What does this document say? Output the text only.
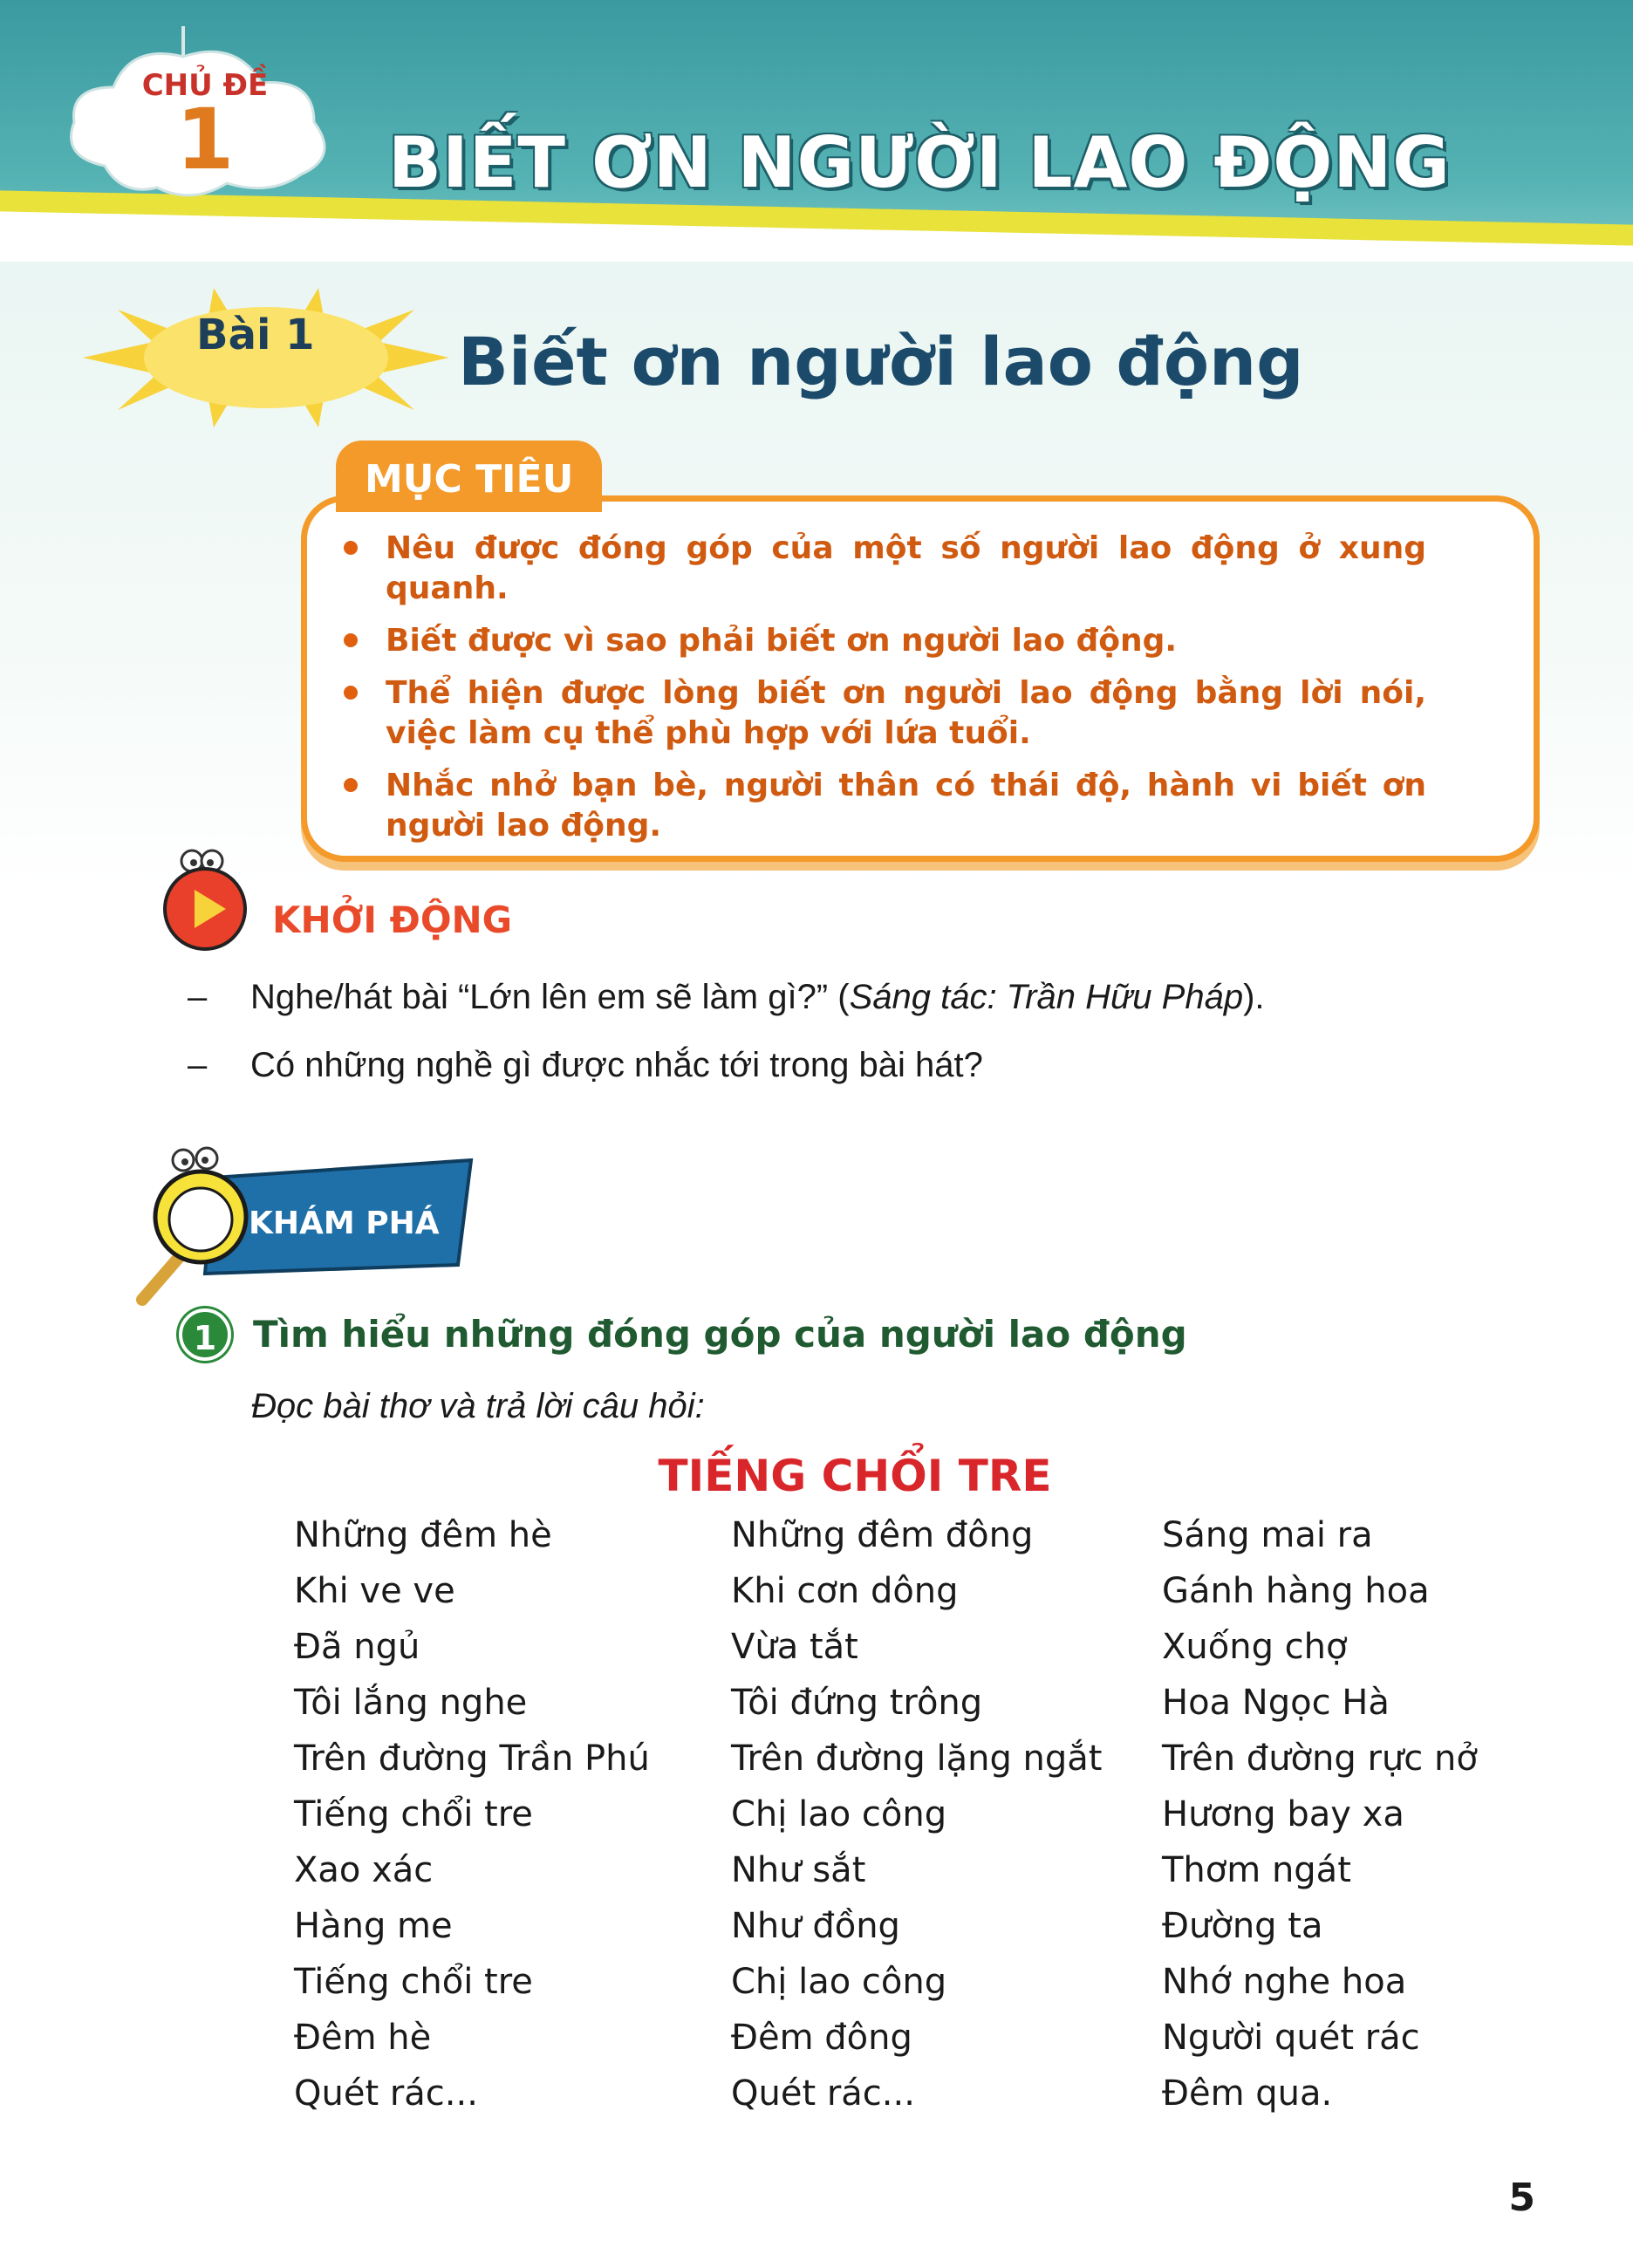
CHỦ ĐỀ
1	BIẾT ƠN NGƯỜI LAO ĐỘNG
Bài 1	Biết ơn người lao động
MỤC TIÊU
Nêu được đóng góp của một số người lao động ở xung quanh.
Biết được vì sao phải biết ơn người lao động.
Thể hiện được lòng biết ơn người lao động bằng lời nói, việc làm cụ thể phù hợp với lứa tuổi.
Nhắc nhở bạn bè, người thân có thái độ, hành vi biết ơn người lao động.
KHỞI ĐỘNG
– Nghe/hát bài “Lớn lên em sẽ làm gì?” (Sáng tác: Trần Hữu Pháp).
– Có những nghề gì được nhắc tới trong bài hát?
KHÁM PHÁ
1 Tìm hiểu những đóng góp của người lao động
Đọc bài thơ và trả lời câu hỏi:
TIẾNG CHỔI TRE
Những đêm hè
Khi ve ve
Đã ngủ
Tôi lắng nghe
Trên đường Trần Phú
Tiếng chổi tre
Xao xác
Hàng me
Tiếng chổi tre
Đêm hè
Quét rác...
Những đêm đông
Khi cơn dông
Vừa tắt
Tôi đứng trông
Trên đường lặng ngắt
Chị lao công
Như sắt
Như đồng
Chị lao công
Đêm đông
Quét rác...
Sáng mai ra
Gánh hàng hoa
Xuống chợ
Hoa Ngọc Hà
Trên đường rực nở
Hương bay xa
Thơm ngát
Đường ta
Nhớ nghe hoa
Người quét rác
Đêm qua.
5
